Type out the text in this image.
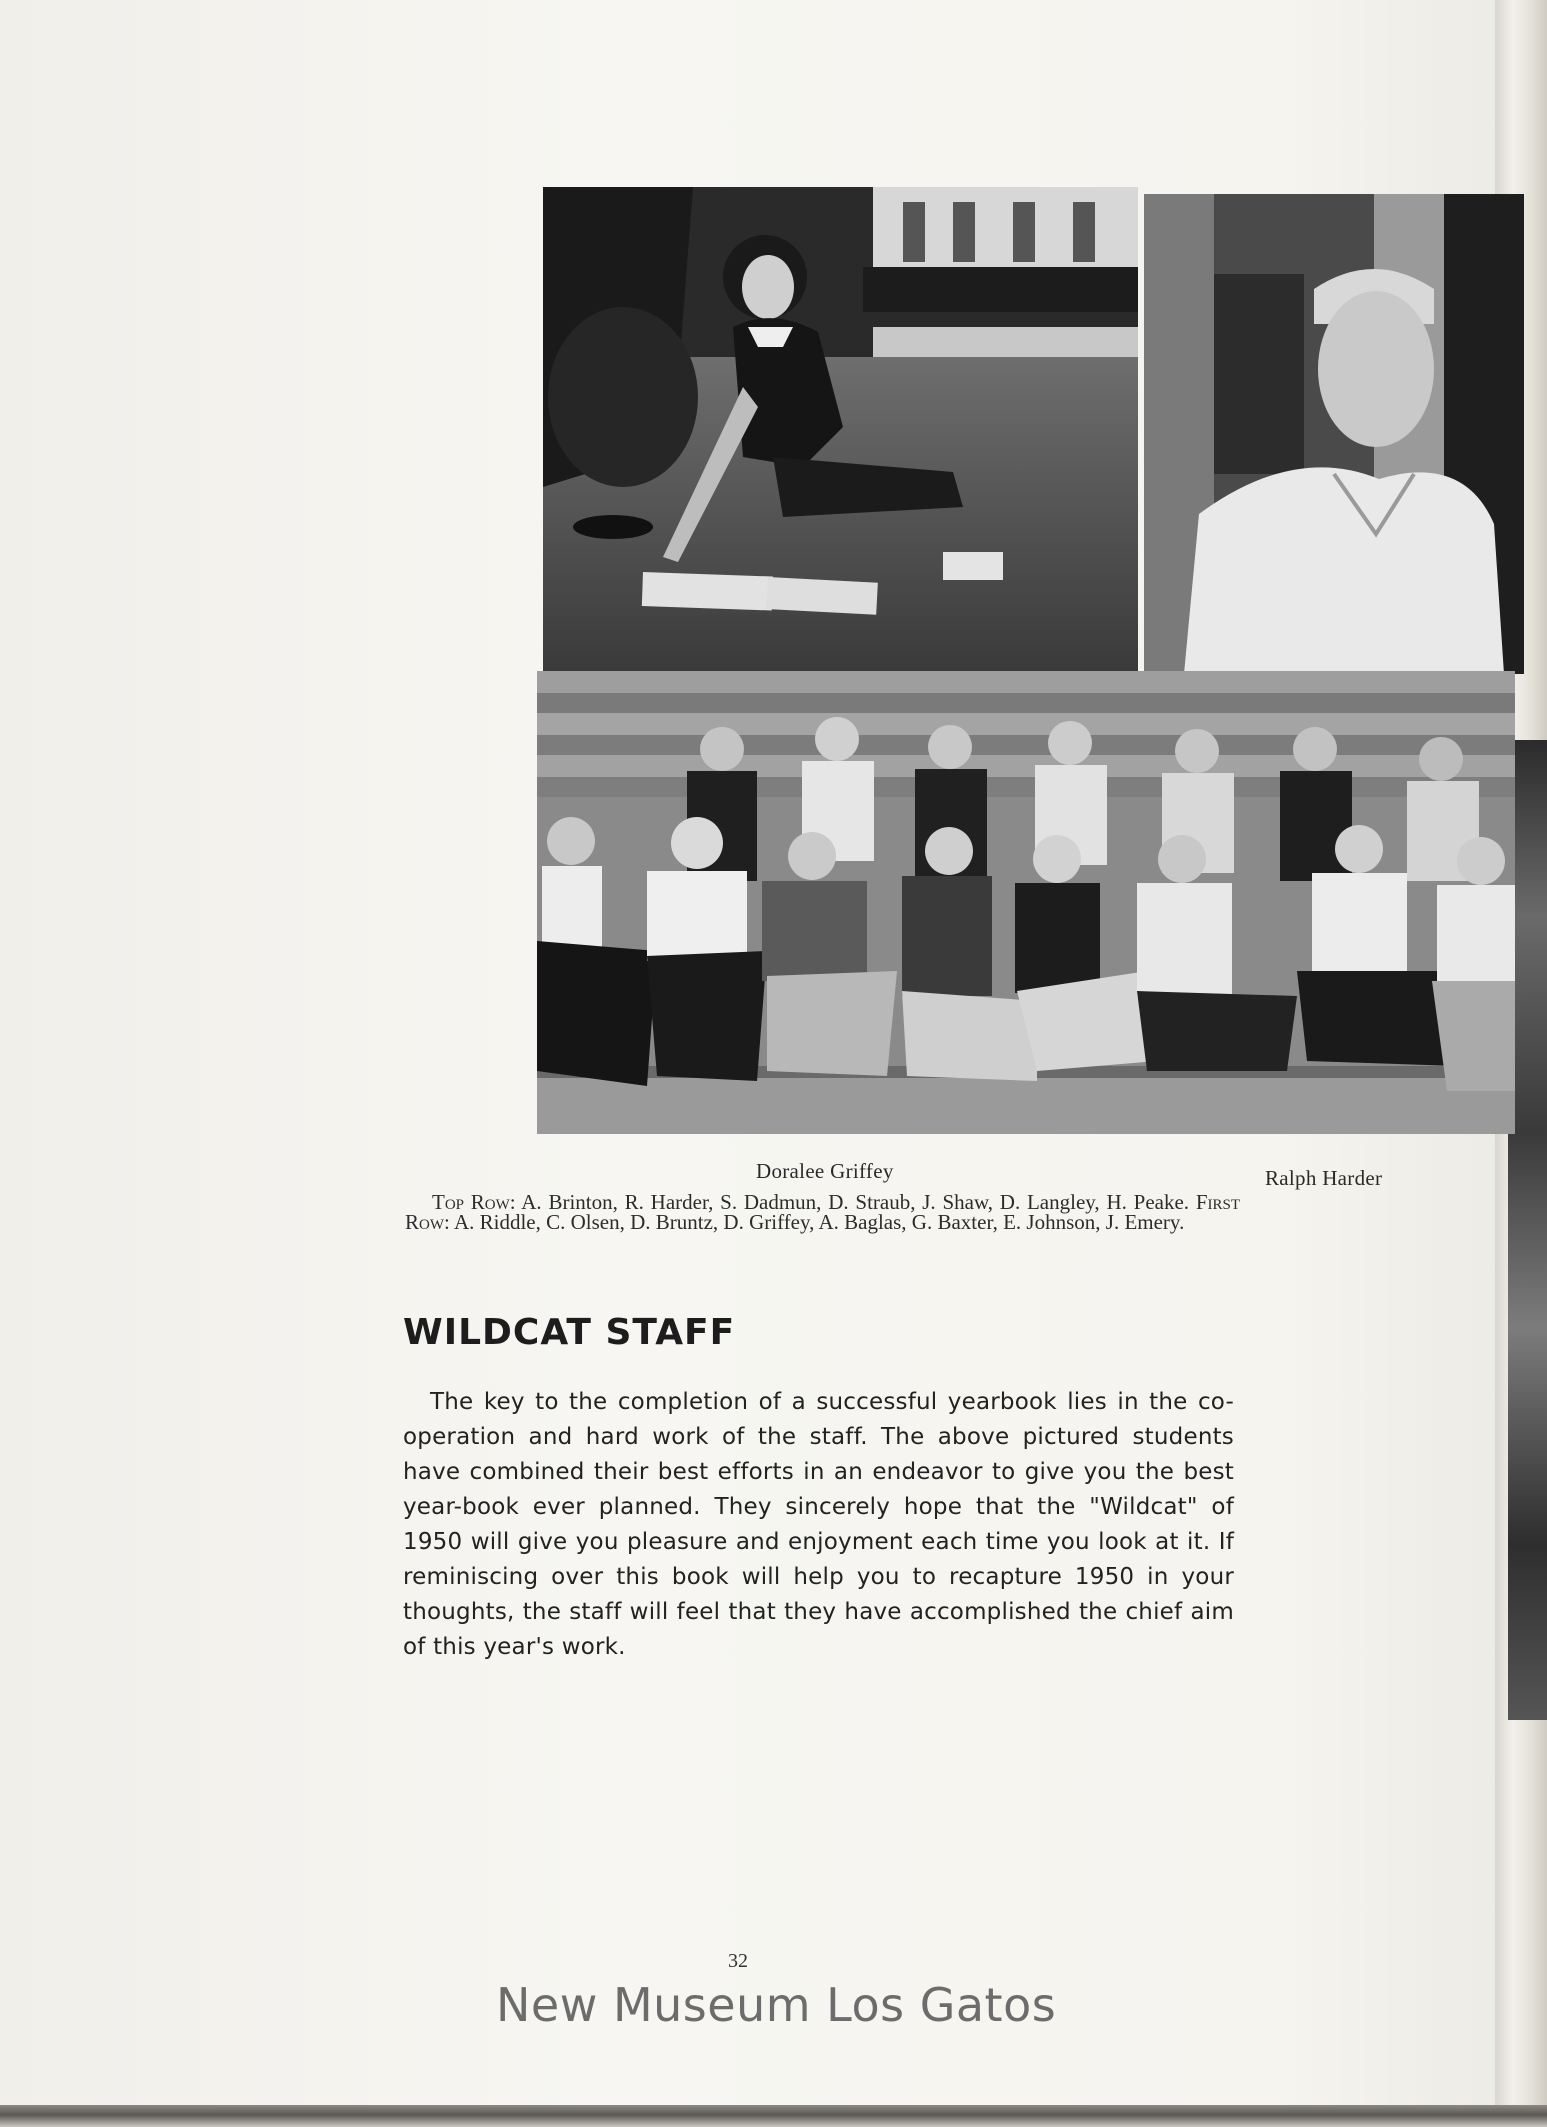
Doralee Griffey	Ralph Harder
Top Row: A. Brinton, R. Harder, S. Dadmun, D. Straub, J. Shaw, D. Langley, H. Peake. First Row: A. Riddle, C. Olsen, D. Bruntz, D. Griffey, A. Baglas, G. Baxter, E. Johnson, J. Emery.
WILDCAT STAFF
The key to the completion of a successful yearbook lies in the co-operation and hard work of the staff. The above pictured students have combined their best efforts in an endeavor to give you the best year-book ever planned. They sincerely hope that the "Wildcat" of 1950 will give you pleasure and enjoyment each time you look at it. If reminiscing over this book will help you to recapture 1950 in your thoughts, the staff will feel that they have accomplished the chief aim of this year's work.
32
New Museum Los Gatos
